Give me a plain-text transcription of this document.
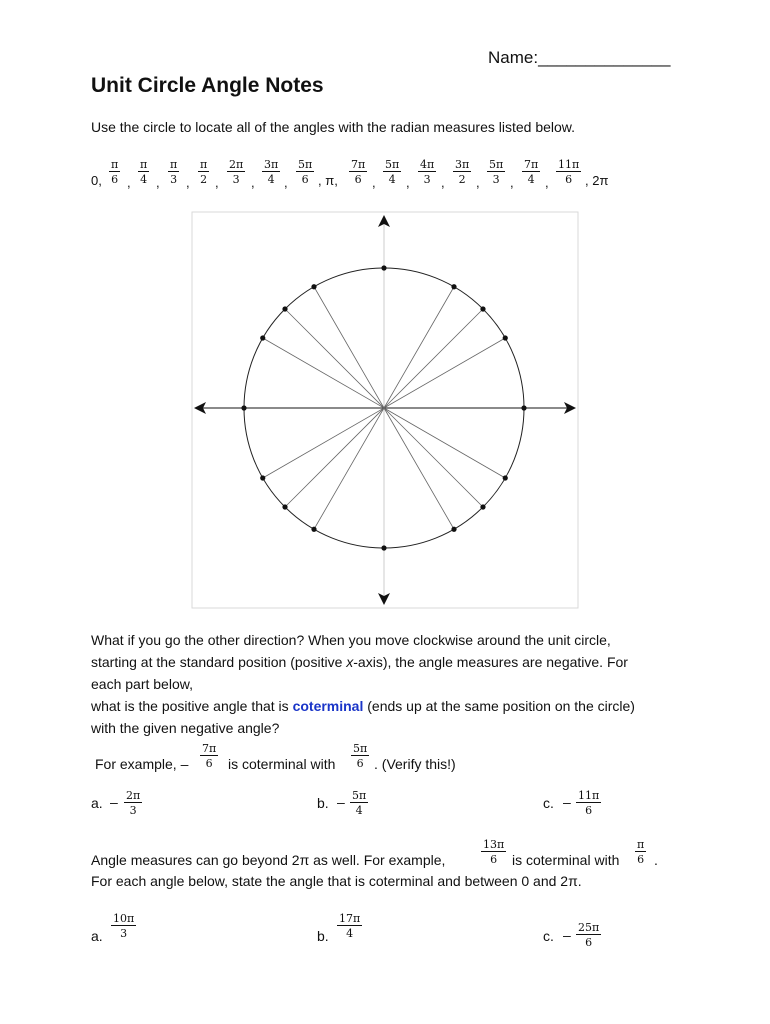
Name:______________
Unit Circle Angle Notes
Use the circle to locate all of the angles with the radian measures listed below.
0, $\frac{\pi}{6}$ , $\frac{\pi}{4}$ , $\frac{\pi}{3}$ , $\frac{\pi}{2}$ , $\frac{2\pi}{3}$ , $\frac{3\pi}{4}$ , $\frac{5\pi}{6}$ , π, $\frac{7\pi}{6}$ , $\frac{5\pi}{4}$ , $\frac{4\pi}{3}$ , $\frac{3\pi}{2}$ , $\frac{5\pi}{3}$ , $\frac{7\pi}{4}$ , $\frac{11\pi}{6}$ , 2π
What if you go the other direction? When you move clockwise around the unit circle,
starting at the standard position (positive x-axis), the angle measures are negative. For
each part below,
what is the positive angle that is coterminal (ends up at the same position on the circle)
with the given negative angle?
For example, – $\frac{7\pi}{6}$ is coterminal with $\frac{5\pi}{6}$ . (Verify this!)
a. – $\frac{2\pi}{3}$	b. – $\frac{5\pi}{4}$	c. – $\frac{11\pi}{6}$
Angle measures can go beyond 2π as well. For example,	$\frac{13\pi}{6}$ is coterminal with $\frac{\pi}{6}$ .
For each angle below, state the angle that is coterminal and between 0 and 2π.
a. $\frac{10\pi}{3}$	b. $\frac{17\pi}{4}$	c. – $\frac{25\pi}{6}$
